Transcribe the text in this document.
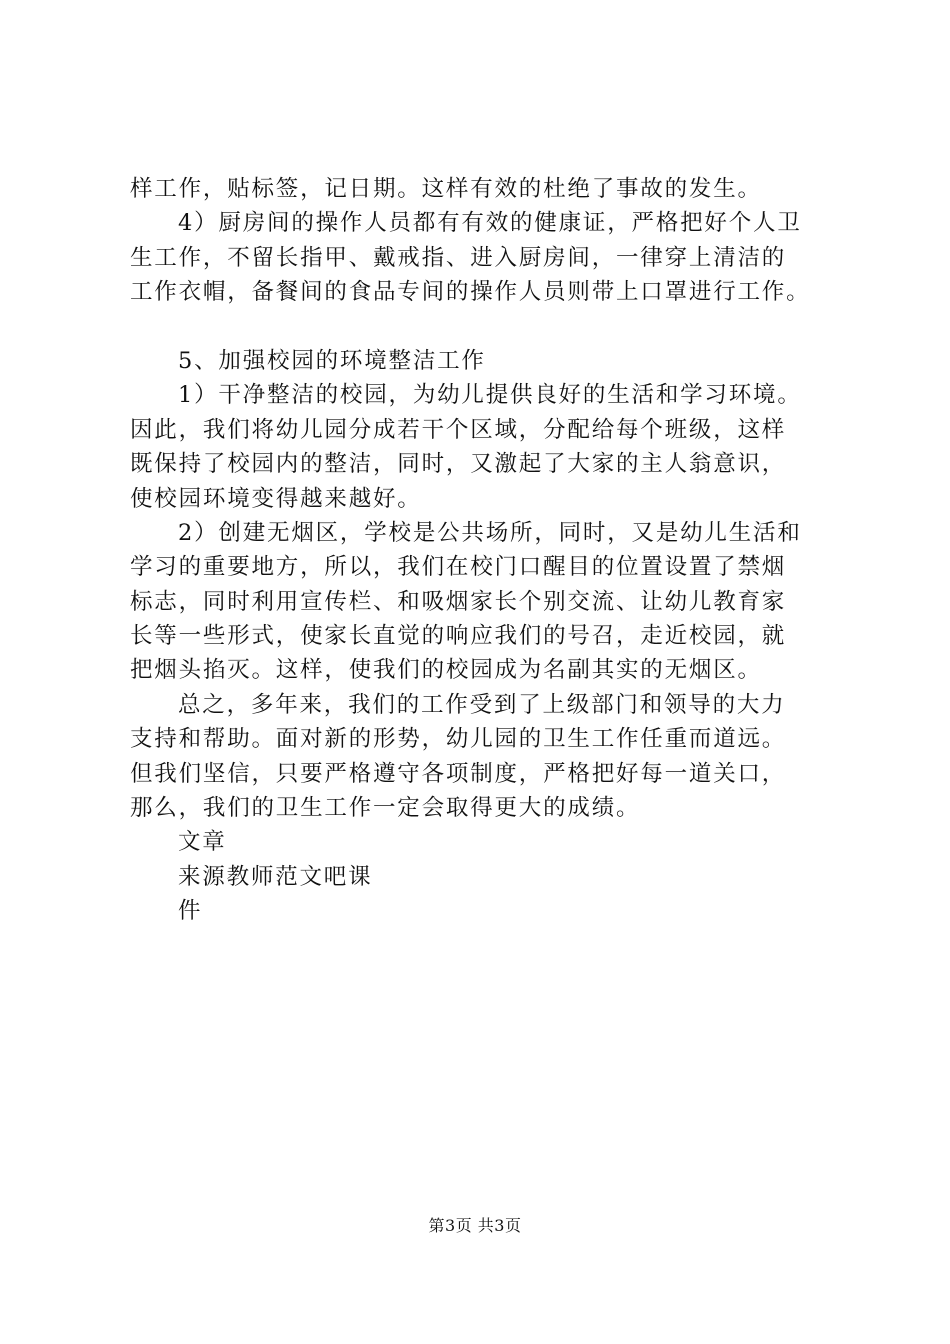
样工作，贴标签，记日期。这样有效的杜绝了事故的发生。
4）厨房间的操作人员都有有效的健康证，严格把好个人卫
生工作，不留长指甲、戴戒指、进入厨房间，一律穿上清洁的
工作衣帽，备餐间的食品专间的操作人员则带上口罩进行工作。
5、加强校园的环境整洁工作
1）干净整洁的校园，为幼儿提供良好的生活和学习环境。
因此，我们将幼儿园分成若干个区域，分配给每个班级，这样
既保持了校园内的整洁，同时，又激起了大家的主人翁意识，
使校园环境变得越来越好。
2）创建无烟区，学校是公共场所，同时，又是幼儿生活和
学习的重要地方，所以，我们在校门口醒目的位置设置了禁烟
标志，同时利用宣传栏、和吸烟家长个别交流、让幼儿教育家
长等一些形式，使家长直觉的响应我们的号召，走近校园，就
把烟头掐灭。这样，使我们的校园成为名副其实的无烟区。
总之，多年来，我们的工作受到了上级部门和领导的大力
支持和帮助。面对新的形势，幼儿园的卫生工作任重而道远。
但我们坚信，只要严格遵守各项制度，严格把好每一道关口，
那么，我们的卫生工作一定会取得更大的成绩。
文章
来源教师范文吧课
件
第3页 共3页
